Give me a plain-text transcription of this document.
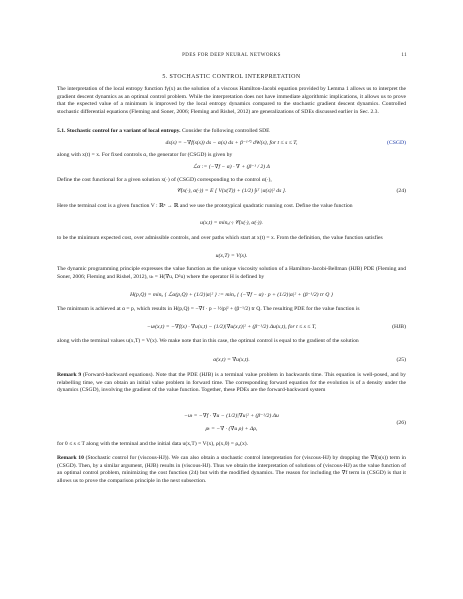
PDES FOR DEEP NEURAL NETWORKS	11
5. STOCHASTIC CONTROL INTERPRETATION
The interpretation of the local entropy function fγ(x) as the solution of a viscous Hamilton-Jacobi equation provided by Lemma 1 allows us to interpret the gradient descent dynamics as an optimal control problem. While the interpretation does not have immediate algorithmic implications, it allows us to prove that the expected value of a minimum is improved by the local entropy dynamics compared to the stochastic gradient descent dynamics. Controlled stochastic differential equations (Fleming and Soner, 2006; Fleming and Rishel, 2012) are generalizations of SDEs discussed earlier in Sec. 2.3.
5.1. Stochastic control for a variant of local entropy. Consider the following controlled SDE
ds(s) = −∇f(s(s)) ds − α(s) ds + β⁻¹ᐟ² dW(s), for t ≤ s ≤ T,	(CSGD)
along with x(t) = x. For fixed controls α, the generator for (CSGD) is given by
ℒα := (−∇f − α) · ∇ + (β⁻¹ / 2) Δ
Define the cost functional for a given solution x(·) of (CSGD) corresponding to the control α(·),
𝒞(x(·), α(·)) = E [ V(x(T)) + (1/2) ∫ₜᵀ |α(s)|² ds ].	(24)
Here the terminal cost is a given function V : ℝⁿ → ℝ and we use the prototypical quadratic running cost. Define the value function
u(x,t) = minₐ₍·₎ 𝒞(x(·), α(·)).
to be the minimum expected cost, over admissible controls, and over paths which start at x(t) = x. From the definition, the value function satisfies
u(x,T) = V(x).
The dynamic programming principle expresses the value function as the unique viscosity solution of a Hamilton-Jacobi-Bellman (HJB) PDE (Fleming and Soner, 2006; Fleming and Rishel, 2012), uₜ = H(∇u, D²u) where the operator H is defined by
H(p,Q) = minₐ { ℒα(p,Q) + (1/2)|α|² } := minₐ { (−∇f − α) · p + (1/2)|α|² + (β⁻¹/2) tr Q }
The minimum is achieved at α = p, which results in H(p,Q) = −∇f · p − ½|p|² + (β⁻¹/2) tr Q. The resulting PDE for the value function is
−uₜ(x,t) = −∇f(x) · ∇u(x,t) − (1/2)|∇u(x,t)|² + (β⁻¹/2) Δu(x,t), for t ≤ s ≤ T,	(HJB)
along with the terminal values u(x,T) = V(x). We make note that in this case, the optimal control is equal to the gradient of the solution
α(x,t) = ∇u(x,t).	(25)
Remark 9 (Forward-backward equations). Note that the PDE (HJB) is a terminal value problem in backwards time. This equation is well-posed, and by relabelling time, we can obtain an initial value problem in forward time. The corresponding forward equation for the evolution is of a density under the dynamics (CSGD), involving the gradient of the value function. Together, these PDEs are the forward-backward system
−uₜ = −∇f · ∇u − (1/2)|∇u|² + (β⁻¹/2) Δu
(26)
ρₜ = −∇ · (∇u ρ) + Δρ,
for 0 ≤ s ≤ T along with the terminal and the initial data u(x,T) = V(x), ρ(x,0) = ρ₀(x).
Remark 10 (Stochastic control for (viscous-HJ)). We can also obtain a stochastic control interpretation for (viscous-HJ) by dropping the ∇f(s(s)) term in (CSGD). Then, by a similar argument, (HJB) results in (viscous-HJ). Thus we obtain the interpretation of solutions of (viscous-HJ) as the value function of an optimal control problem, minimizing the cost function (24) but with the modified dynamics. The reason for including the ∇f term in (CSGD) is that it allows us to prove the comparison principle in the next subsection.
